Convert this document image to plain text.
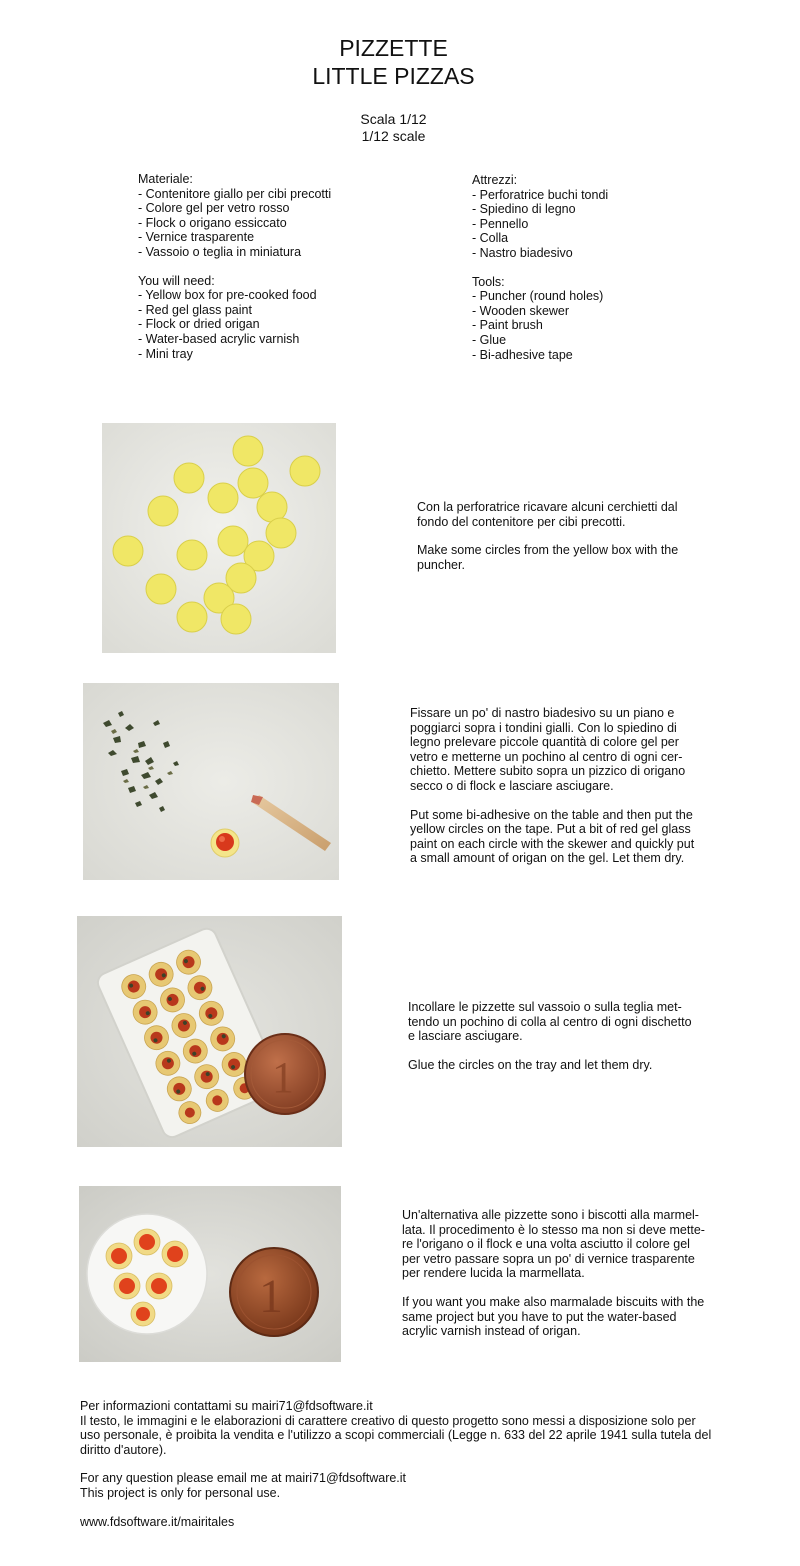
PIZZETTE
LITTLE PIZZAS
Scala 1/12
1/12 scale

Materiale:

- Contenitore giallo per cibi precotti

- Colore gel per vetro rosso

- Flock o origano essiccato

- Vernice trasparente

- Vassoio o teglia in miniatura

You will need:

- Yellow box for pre-cooked food

- Red gel glass paint

- Flock or dried origan

- Water-based acrylic varnish

- Mini tray

Attrezzi:

- Perforatrice buchi tondi

- Spiedino di legno

- Pennello

- Colla

- Nastro biadesivo

Tools:

- Puncher (round holes)

- Wooden skewer

- Paint brush

- Glue

- Bi-adhesive tape

Con la perforatrice ricavare alcuni cerchietti dal

fondo del contenitore per cibi precotti.

Make some circles from the yellow box with the

puncher.

Fissare un po' di nastro biadesivo su un piano e

poggiarci sopra i tondini gialli. Con lo spiedino di

legno prelevare piccole quantità di colore gel per

vetro e metterne un pochino al centro di ogni cer-

chietto. Mettere subito sopra un pizzico di origano

secco o di flock e lasciare asciugare.

Put some bi-adhesive on the table and then put the

yellow circles on the tape. Put a bit of red gel glass

paint on each circle with the skewer and quickly put

a small amount of origan on the gel. Let them dry.

1

Incollare le pizzette sul vassoio o sulla teglia met-

tendo un pochino di colla al centro di ogni dischetto

e lasciare asciugare.

Glue the circles on the tray and let them dry.

1

Un'alternativa alle pizzette sono i biscotti alla marmel-

lata. Il procedimento è lo stesso ma non si deve mette-

re l'origano o il flock e una volta asciutto il colore gel

per vetro passare sopra un po' di vernice trasparente

per rendere lucida la marmellata.

If you want you make also marmalade biscuits with the

same project but you have to put the water-based

acrylic varnish instead of origan.

Per informazioni contattami su mairi71@fdsoftware.it

Il testo, le immagini e le elaborazioni di carattere creativo di questo progetto sono messi a disposizione solo per

uso personale, è proibita la vendita e l'utilizzo a scopi commerciali (Legge n. 633 del 22 aprile 1941 sulla tutela del

diritto d'autore).

For any question please email me at mairi71@fdsoftware.it

This project is only for personal use.

www.fdsoftware.it/mairitales
